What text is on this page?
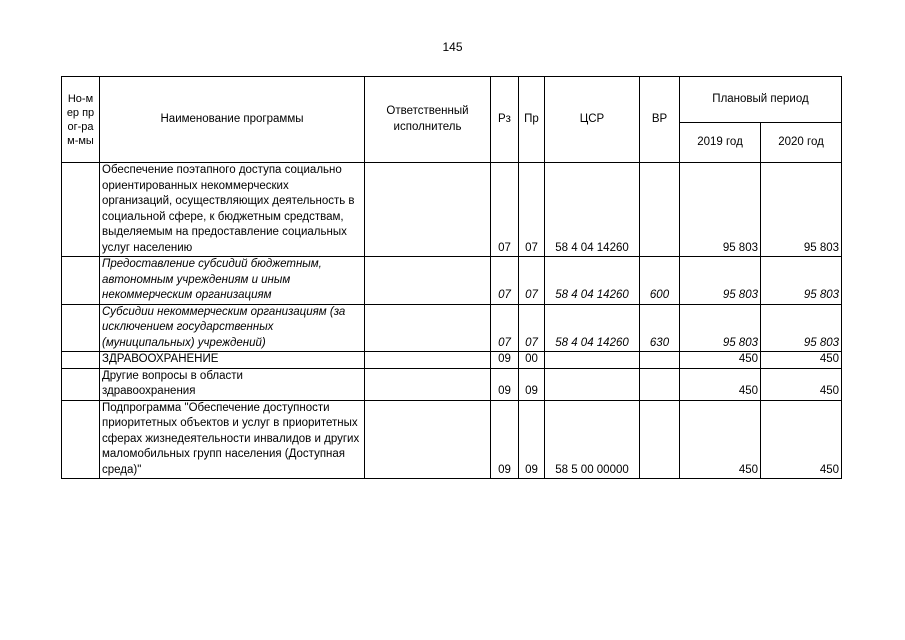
145
Но-мер прог-рам-мы	Наименование программы	Ответственный исполнитель	Рз	Пр	ЦСР	ВР	Плановый период	
							2019 год	2020 год
	Обеспечение поэтапного доступа социально ориентированных некоммерческих организаций, осуществляющих деятельность в социальной сфере, к бюджетным средствам, выделяемым на предоставление социальных услуг населению		07	07	58 4 04 14260		95 803	95 803
	Предоставление субсидий бюджетным, автономным учреждениям и иным некоммерческим организациям		07	07	58 4 04 14260	600	95 803	95 803
	Субсидии некоммерческим организациям (за исключением государственных (муниципальных) учреждений)		07	07	58 4 04 14260	630	95 803	95 803
	ЗДРАВООХРАНЕНИЕ		09	00			450	450
	Другие вопросы в области здравоохранения		09	09			450	450
	Подпрограмма "Обеспечение доступности приоритетных объектов и услуг в приоритетных сферах жизнедеятельности инвалидов и других маломобильных групп населения (Доступная среда)"		09	09	58 5 00 00000		450	450
